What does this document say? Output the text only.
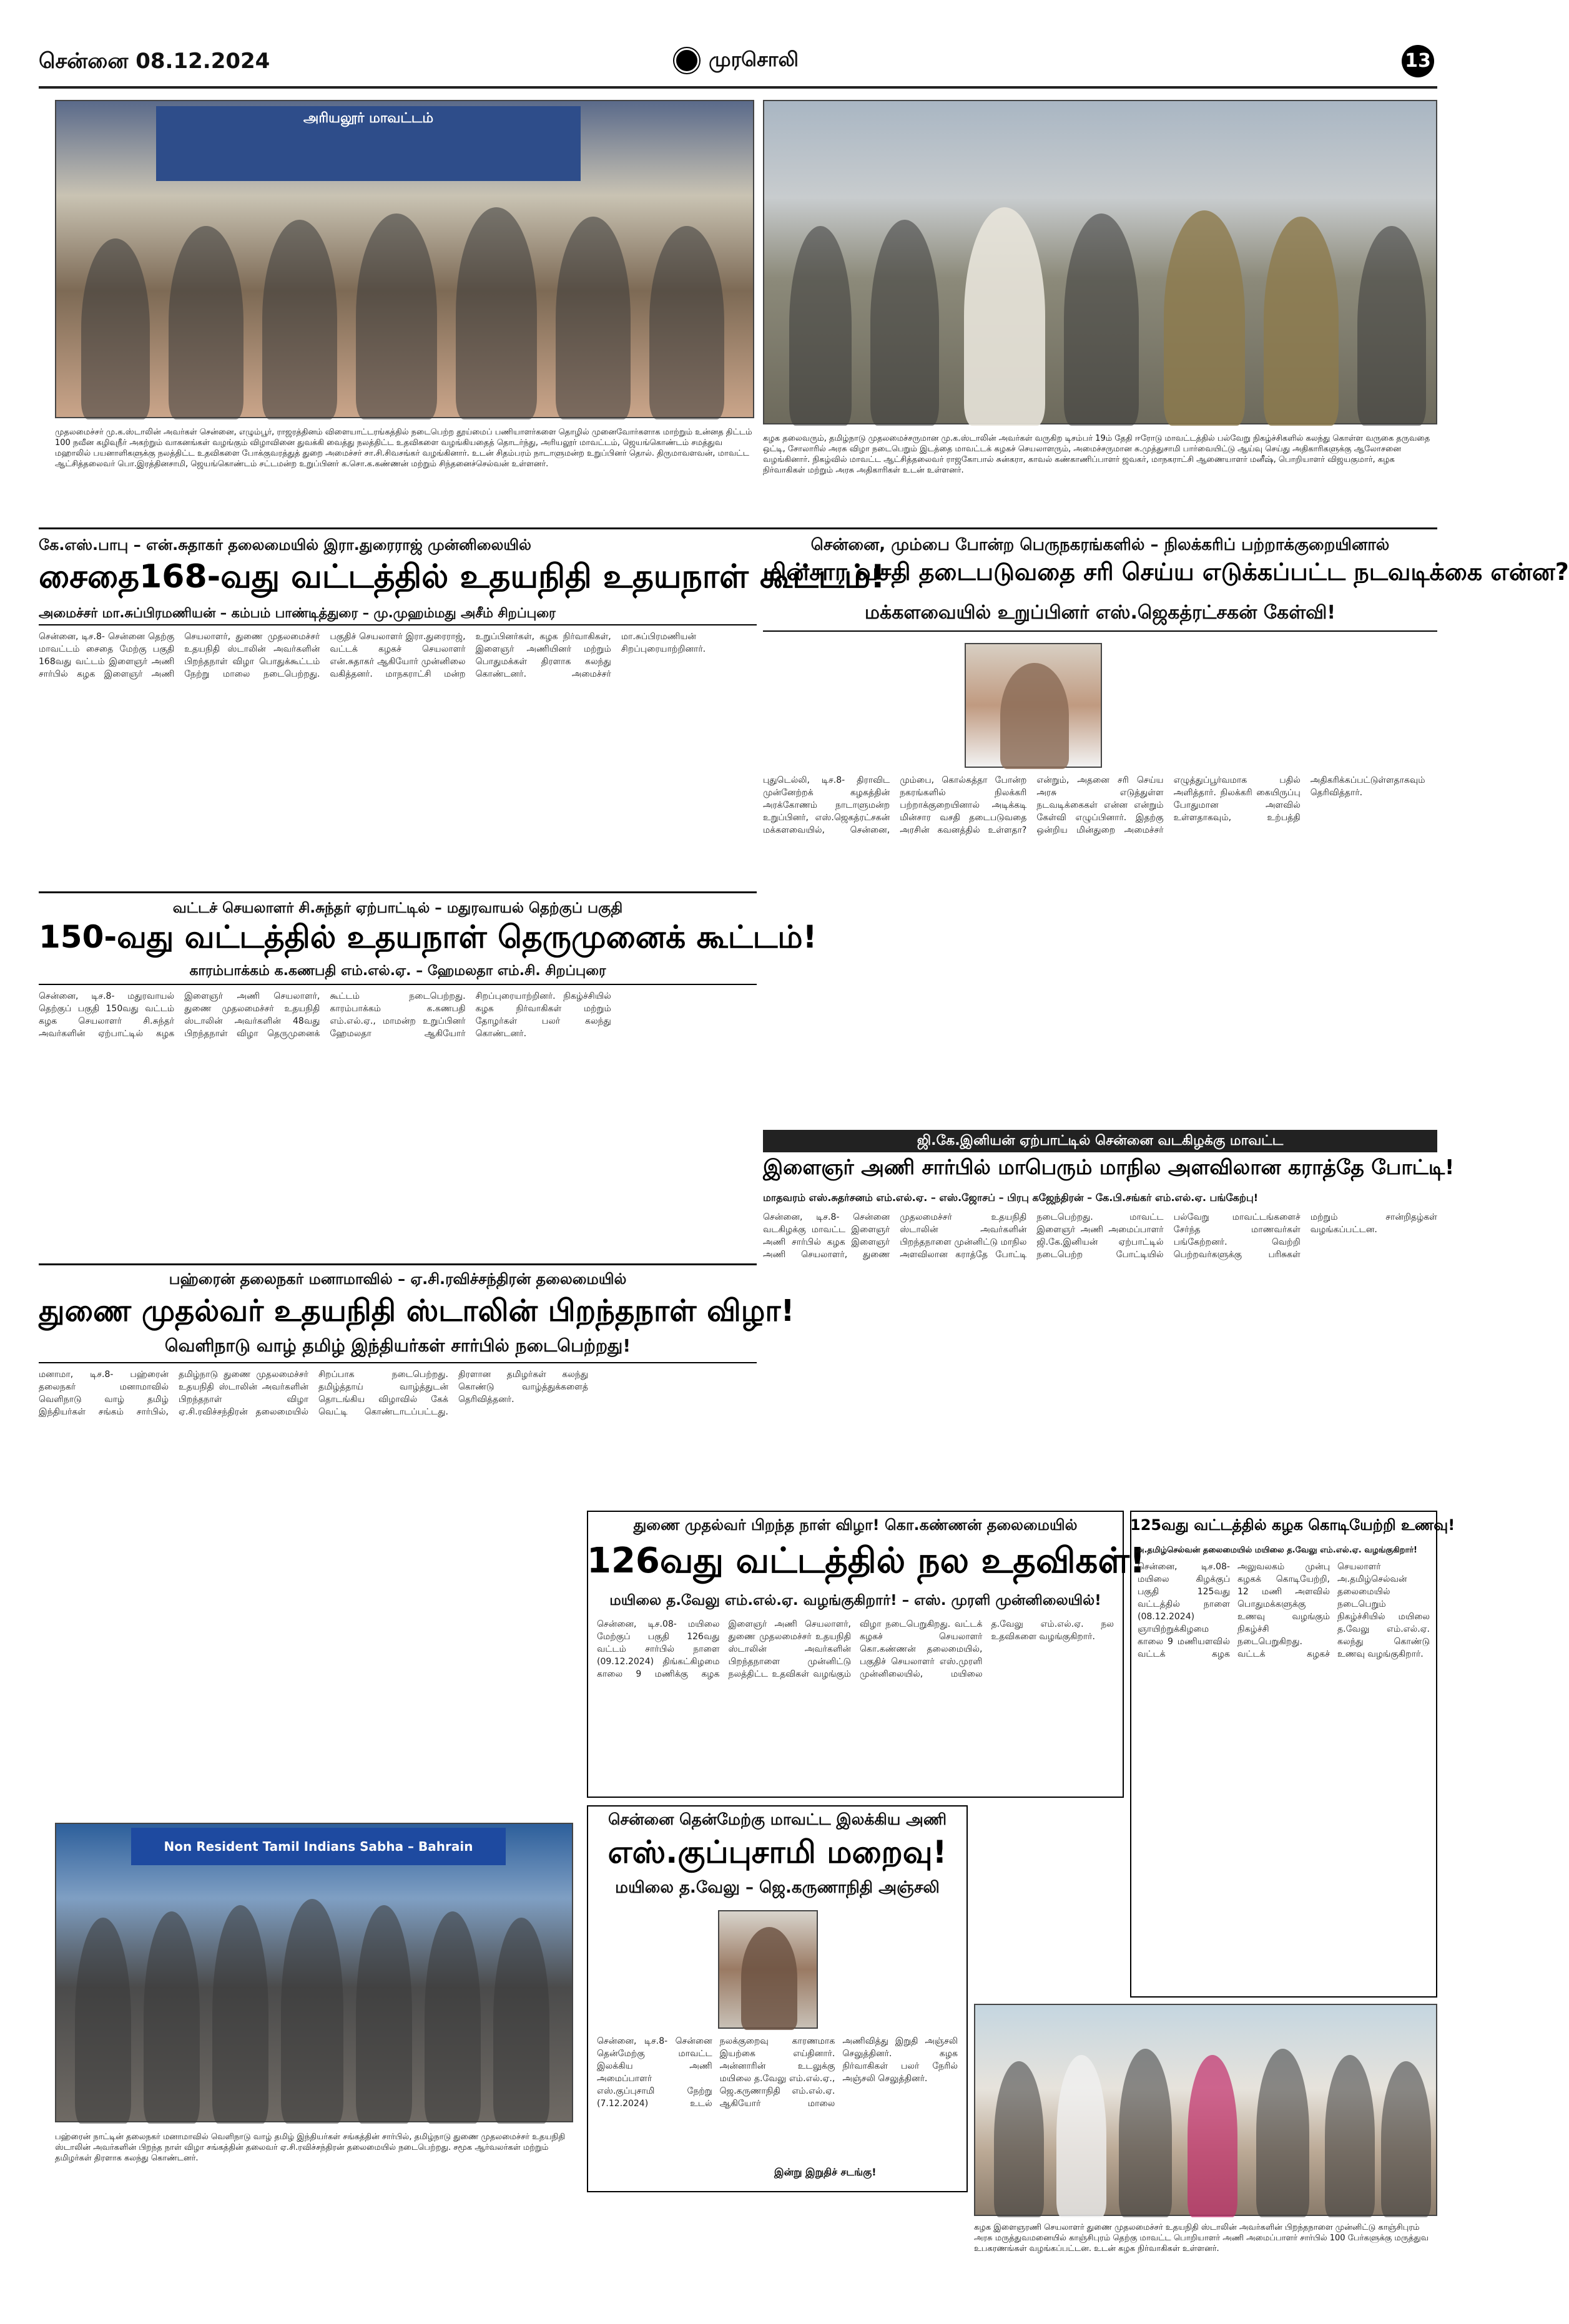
சென்னை 08.12.2024	முரசொலி	13
அரியலூர் மாவட்டம்
முதலமைச்சர் மு.க.ஸ்டாலின் அவர்கள் சென்னை, எழும்பூர், ராஜரத்தினம் விளையாட்டரங்கத்தில் நடைபெற்ற தூய்மைப் பணியாளர்களை தொழில் முனைவோர்களாக மாற்றும் உன்னத திட்டம் 100 நவீன கழிவுநீர் அகற்றும் வாகனங்கள் வழங்கும் விழாவினை துவக்கி வைத்து நலத்திட்ட உதவிகளை வழங்கியதைத் தொடர்ந்து, அரியலூர் மாவட்டம், ஜெயங்கொண்டம் சமத்துவ மஹாலில் பயனாளிகளுக்கு நலத்திட்ட உதவிகளை போக்குவரத்துத் துறை அமைச்சர் சா.சி.சிவசங்கர் வழங்கினார். உடன் சிதம்பரம் நாடாளுமன்ற உறுப்பினர் தொல். திருமாவளவன், மாவட்ட ஆட்சித்தலைவர் பொ.இரத்தினசாமி, ஜெயங்கொண்டம் சட்டமன்ற உறுப்பினர் க.சொ.க.கண்ணன் மற்றும் சிந்தனைச்செல்வன் உள்ளனர்.
கழக தலைவரும், தமிழ்நாடு முதலமைச்சருமான மு.க.ஸ்டாலின் அவர்கள் வருகிற டிசம்பர் 19ம் தேதி ஈரோடு மாவட்டத்தில் பல்வேறு நிகழ்ச்சிகளில் கலந்து கொள்ள வருகை தருவதை ஒட்டி, சோலாரில் அரசு விழா நடைபெறும் இடத்தை மாவட்டக் கழகச் செயலாளரும், அமைச்சருமான சு.முத்துசாமி பார்வையிட்டு ஆய்வு செய்து அதிகாரிகளுக்கு ஆலோசனை வழங்கினார். நிகழ்வில் மாவட்ட ஆட்சித்தலைவர் ராஜகோபால் சுன்கரா, காவல் கண்காணிப்பாளர் ஜவகர், மாநகராட்சி ஆணையாளர் மனீஷ், பொறியாளர் விஜயகுமார், கழக நிர்வாகிகள் மற்றும் அரசு அதிகாரிகள் உடன் உள்ளனர்.
கே.எஸ்.பாபு – என்.சுதாகர் தலைமையில் இரா.துரைராஜ் முன்னிலையில்
சைதை168-வது வட்டத்தில் உதயநிதி உதயநாள் கூட்டம்!
அமைச்சர் மா.சுப்பிரமணியன் – கம்பம் பாண்டித்துரை – மு.முஹம்மது அசீம் சிறப்புரை
சென்னை, டிச.8- சென்னை தெற்கு மாவட்டம் சைதை மேற்கு பகுதி 168வது வட்டம் இளைஞர் அணி சார்பில் கழக இளைஞர் அணி செயலாளர், துணை முதலமைச்சர் உதயநிதி ஸ்டாலின் அவர்களின் பிறந்தநாள் விழா பொதுக்கூட்டம் நேற்று மாலை நடைபெற்றது. பகுதிச் செயலாளர் இரா.துரைராஜ், வட்டக் கழகச் செயலாளர் என்.சுதாகர் ஆகியோர் முன்னிலை வகித்தனர். மாநகராட்சி மன்ற உறுப்பினர்கள், கழக நிர்வாகிகள், இளைஞர் அணியினர் மற்றும் பொதுமக்கள் திரளாக கலந்து கொண்டனர். அமைச்சர் மா.சுப்பிரமணியன் சிறப்புரையாற்றினார்.
வட்டச் செயலாளர் சி.சுந்தர் ஏற்பாட்டில் – மதுரவாயல் தெற்குப் பகுதி
150-வது வட்டத்தில் உதயநாள் தெருமுனைக் கூட்டம்!
காரம்பாக்கம் க.கணபதி எம்.எல்.ஏ. – ஹேமலதா எம்.சி. சிறப்புரை
சென்னை, டிச.8- மதுரவாயல் தெற்குப் பகுதி 150வது வட்டம் கழக செயலாளர் சி.சுந்தர் அவர்களின் ஏற்பாட்டில் கழக இளைஞர் அணி செயலாளர், துணை முதலமைச்சர் உதயநிதி ஸ்டாலின் அவர்களின் 48வது பிறந்தநாள் விழா தெருமுனைக் கூட்டம் நடைபெற்றது. காரம்பாக்கம் க.கணபதி எம்.எல்.ஏ., மாமன்ற உறுப்பினர் ஹேமலதா ஆகியோர் சிறப்புரையாற்றினர். நிகழ்ச்சியில் கழக நிர்வாகிகள் மற்றும் தோழர்கள் பலர் கலந்து கொண்டனர்.
பஹ்ரைன் தலைநகர் மனாமாவில் – ஏ.சி.ரவிச்சந்திரன் தலைமையில்
துணை முதல்வர் உதயநிதி ஸ்டாலின் பிறந்தநாள் விழா!
வெளிநாடு வாழ் தமிழ் இந்தியர்கள் சார்பில் நடைபெற்றது!
மனாமா, டிச.8- பஹ்ரைன் தலைநகர் மனாமாவில் வெளிநாடு வாழ் தமிழ் இந்தியர்கள் சங்கம் சார்பில், தமிழ்நாடு துணை முதலமைச்சர் உதயநிதி ஸ்டாலின் அவர்களின் பிறந்தநாள் விழா ஏ.சி.ரவிச்சந்திரன் தலைமையில் சிறப்பாக நடைபெற்றது. தமிழ்த்தாய் வாழ்த்துடன் தொடங்கிய விழாவில் கேக் வெட்டி கொண்டாடப்பட்டது. திரளான தமிழர்கள் கலந்து கொண்டு வாழ்த்துக்களைத் தெரிவித்தனர்.
Non Resident Tamil Indians Sabha – Bahrain
பஹ்ரைன் நாட்டின் தலைநகர் மனாமாவில் வெளிநாடு வாழ் தமிழ் இந்தியர்கள் சங்கத்தின் சார்பில், தமிழ்நாடு துணை முதலமைச்சர் உதயநிதி ஸ்டாலின் அவர்களின் பிறந்த நாள் விழா சங்கத்தின் தலைவர் ஏ.சி.ரவிச்சந்திரன் தலைமையில் நடைபெற்றது. சமூக ஆர்வலர்கள் மற்றும் தமிழர்கள் திரளாக கலந்து கொண்டனர்.
சென்னை, மும்பை போன்ற பெருநகரங்களில் – நிலக்கரிப் பற்றாக்குறையினால்
மின்சார வசதி தடைபடுவதை சரி செய்ய எடுக்கப்பட்ட நடவடிக்கை என்ன?
மக்களவையில் உறுப்பினர் எஸ்.ஜெகத்ரட்சகன் கேள்வி!
புதுடெல்லி, டிச.8- திராவிட முன்னேற்றக் கழகத்தின் அரக்கோணம் நாடாளுமன்ற உறுப்பினர், எஸ்.ஜெகத்ரட்சகன் மக்களவையில், சென்னை, மும்பை, கொல்கத்தா போன்ற நகரங்களில் நிலக்கரி பற்றாக்குறையினால் அடிக்கடி மின்சார வசதி தடைபடுவதை அரசின் கவனத்தில் உள்ளதா? என்றும், அதனை சரி செய்ய அரசு எடுத்துள்ள நடவடிக்கைகள் என்ன என்றும் கேள்வி எழுப்பினார். இதற்கு ஒன்றிய மின்துறை அமைச்சர் எழுத்துப்பூர்வமாக பதில் அளித்தார். நிலக்கரி கையிருப்பு போதுமான அளவில் உள்ளதாகவும், உற்பத்தி அதிகரிக்கப்பட்டுள்ளதாகவும் தெரிவித்தார்.
ஜி.கே.இனியன் ஏற்பாட்டில் சென்னை வடகிழக்கு மாவட்ட
இளைஞர் அணி சார்பில் மாபெரும் மாநில அளவிலான கராத்தே போட்டி!
மாதவரம் எஸ்.சுதர்சனம் எம்.எல்.ஏ. – எஸ்.ஜோசப் – பிரபு கஜேந்திரன் – கே.பி.சங்கர் எம்.எல்.ஏ. பங்கேற்பு!
சென்னை, டிச.8- சென்னை வடகிழக்கு மாவட்ட இளைஞர் அணி சார்பில் கழக இளைஞர் அணி செயலாளர், துணை முதலமைச்சர் உதயநிதி ஸ்டாலின் அவர்களின் பிறந்தநாளை முன்னிட்டு மாநில அளவிலான கராத்தே போட்டி நடைபெற்றது. மாவட்ட இளைஞர் அணி அமைப்பாளர் ஜி.கே.இனியன் ஏற்பாட்டில் நடைபெற்ற போட்டியில் பல்வேறு மாவட்டங்களைச் சேர்ந்த மாணவர்கள் பங்கேற்றனர். வெற்றி பெற்றவர்களுக்கு பரிசுகள் மற்றும் சான்றிதழ்கள் வழங்கப்பட்டன.
துணை முதல்வர் பிறந்த நாள் விழா! கொ.கண்ணன் தலைமையில்
126வது வட்டத்தில் நல உதவிகள்!
மயிலை த.வேலு எம்.எல்.ஏ. வழங்குகிறார்! – எஸ். முரளி முன்னிலையில்!
சென்னை, டிச.08- மயிலை மேற்குப் பகுதி 126வது வட்டம் சார்பில் நாளை (09.12.2024) திங்கட்கிழமை காலை 9 மணிக்கு கழக இளைஞர் அணி செயலாளர், துணை முதலமைச்சர் உதயநிதி ஸ்டாலின் அவர்களின் பிறந்தநாளை முன்னிட்டு நலத்திட்ட உதவிகள் வழங்கும் விழா நடைபெறுகிறது. வட்டக் கழகச் செயலாளர் கொ.கண்ணன் தலைமையில், பகுதிச் செயலாளர் எஸ்.முரளி முன்னிலையில், மயிலை த.வேலு எம்.எல்.ஏ. நல உதவிகளை வழங்குகிறார்.
சென்னை தென்மேற்கு மாவட்ட இலக்கிய அணி
எஸ்.குப்புசாமி மறைவு!
மயிலை த.வேலு – ஜெ.கருணாநிதி அஞ்சலி
சென்னை, டிச.8- சென்னை தென்மேற்கு மாவட்ட இலக்கிய அணி அமைப்பாளர் எஸ்.குப்புசாமி நேற்று (7.12.2024) உடல் நலக்குறைவு காரணமாக இயற்கை எய்தினார். அன்னாரின் உடலுக்கு மயிலை த.வேலு எம்.எல்.ஏ., ஜெ.கருணாநிதி எம்.எல்.ஏ. ஆகியோர் மாலை அணிவித்து இறுதி அஞ்சலி செலுத்தினர். கழக நிர்வாகிகள் பலர் நேரில் அஞ்சலி செலுத்தினர்.
இன்று இறுதிச் சடங்கு!
125வது வட்டத்தில் கழக கொடியேற்றி உணவு!
அ.தமிழ்செல்வன் தலைமையில் மயிலை த.வேலு எம்.எல்.ஏ. வழங்குகிறார்!
சென்னை, டிச.08- மயிலை கிழக்குப் பகுதி 125வது வட்டத்தில் நாளை (08.12.2024) ஞாயிற்றுக்கிழமை காலை 9 மணியளவில் வட்டக் கழக அலுவலகம் முன்பு கழகக் கொடியேற்றி, 12 மணி அளவில் பொதுமக்களுக்கு உணவு வழங்கும் நிகழ்ச்சி நடைபெறுகிறது. வட்டக் கழகச் செயலாளர் அ.தமிழ்செல்வன் தலைமையில் நடைபெறும் நிகழ்ச்சியில் மயிலை த.வேலு எம்.எல்.ஏ. கலந்து கொண்டு உணவு வழங்குகிறார்.
கழக இளைஞரணி செயலாளர் துணை முதலமைச்சர் உதயநிதி ஸ்டாலின் அவர்களின் பிறந்தநாளை முன்னிட்டு காஞ்சிபுரம் அரசு மருத்துவமனையில் காஞ்சிபுரம் தெற்கு மாவட்ட பொறியாளர் அணி அமைப்பாளர் சார்பில் 100 பேர்களுக்கு மருத்துவ உபகரணங்கள் வழங்கப்பட்டன. உடன் கழக நிர்வாகிகள் உள்ளனர்.
